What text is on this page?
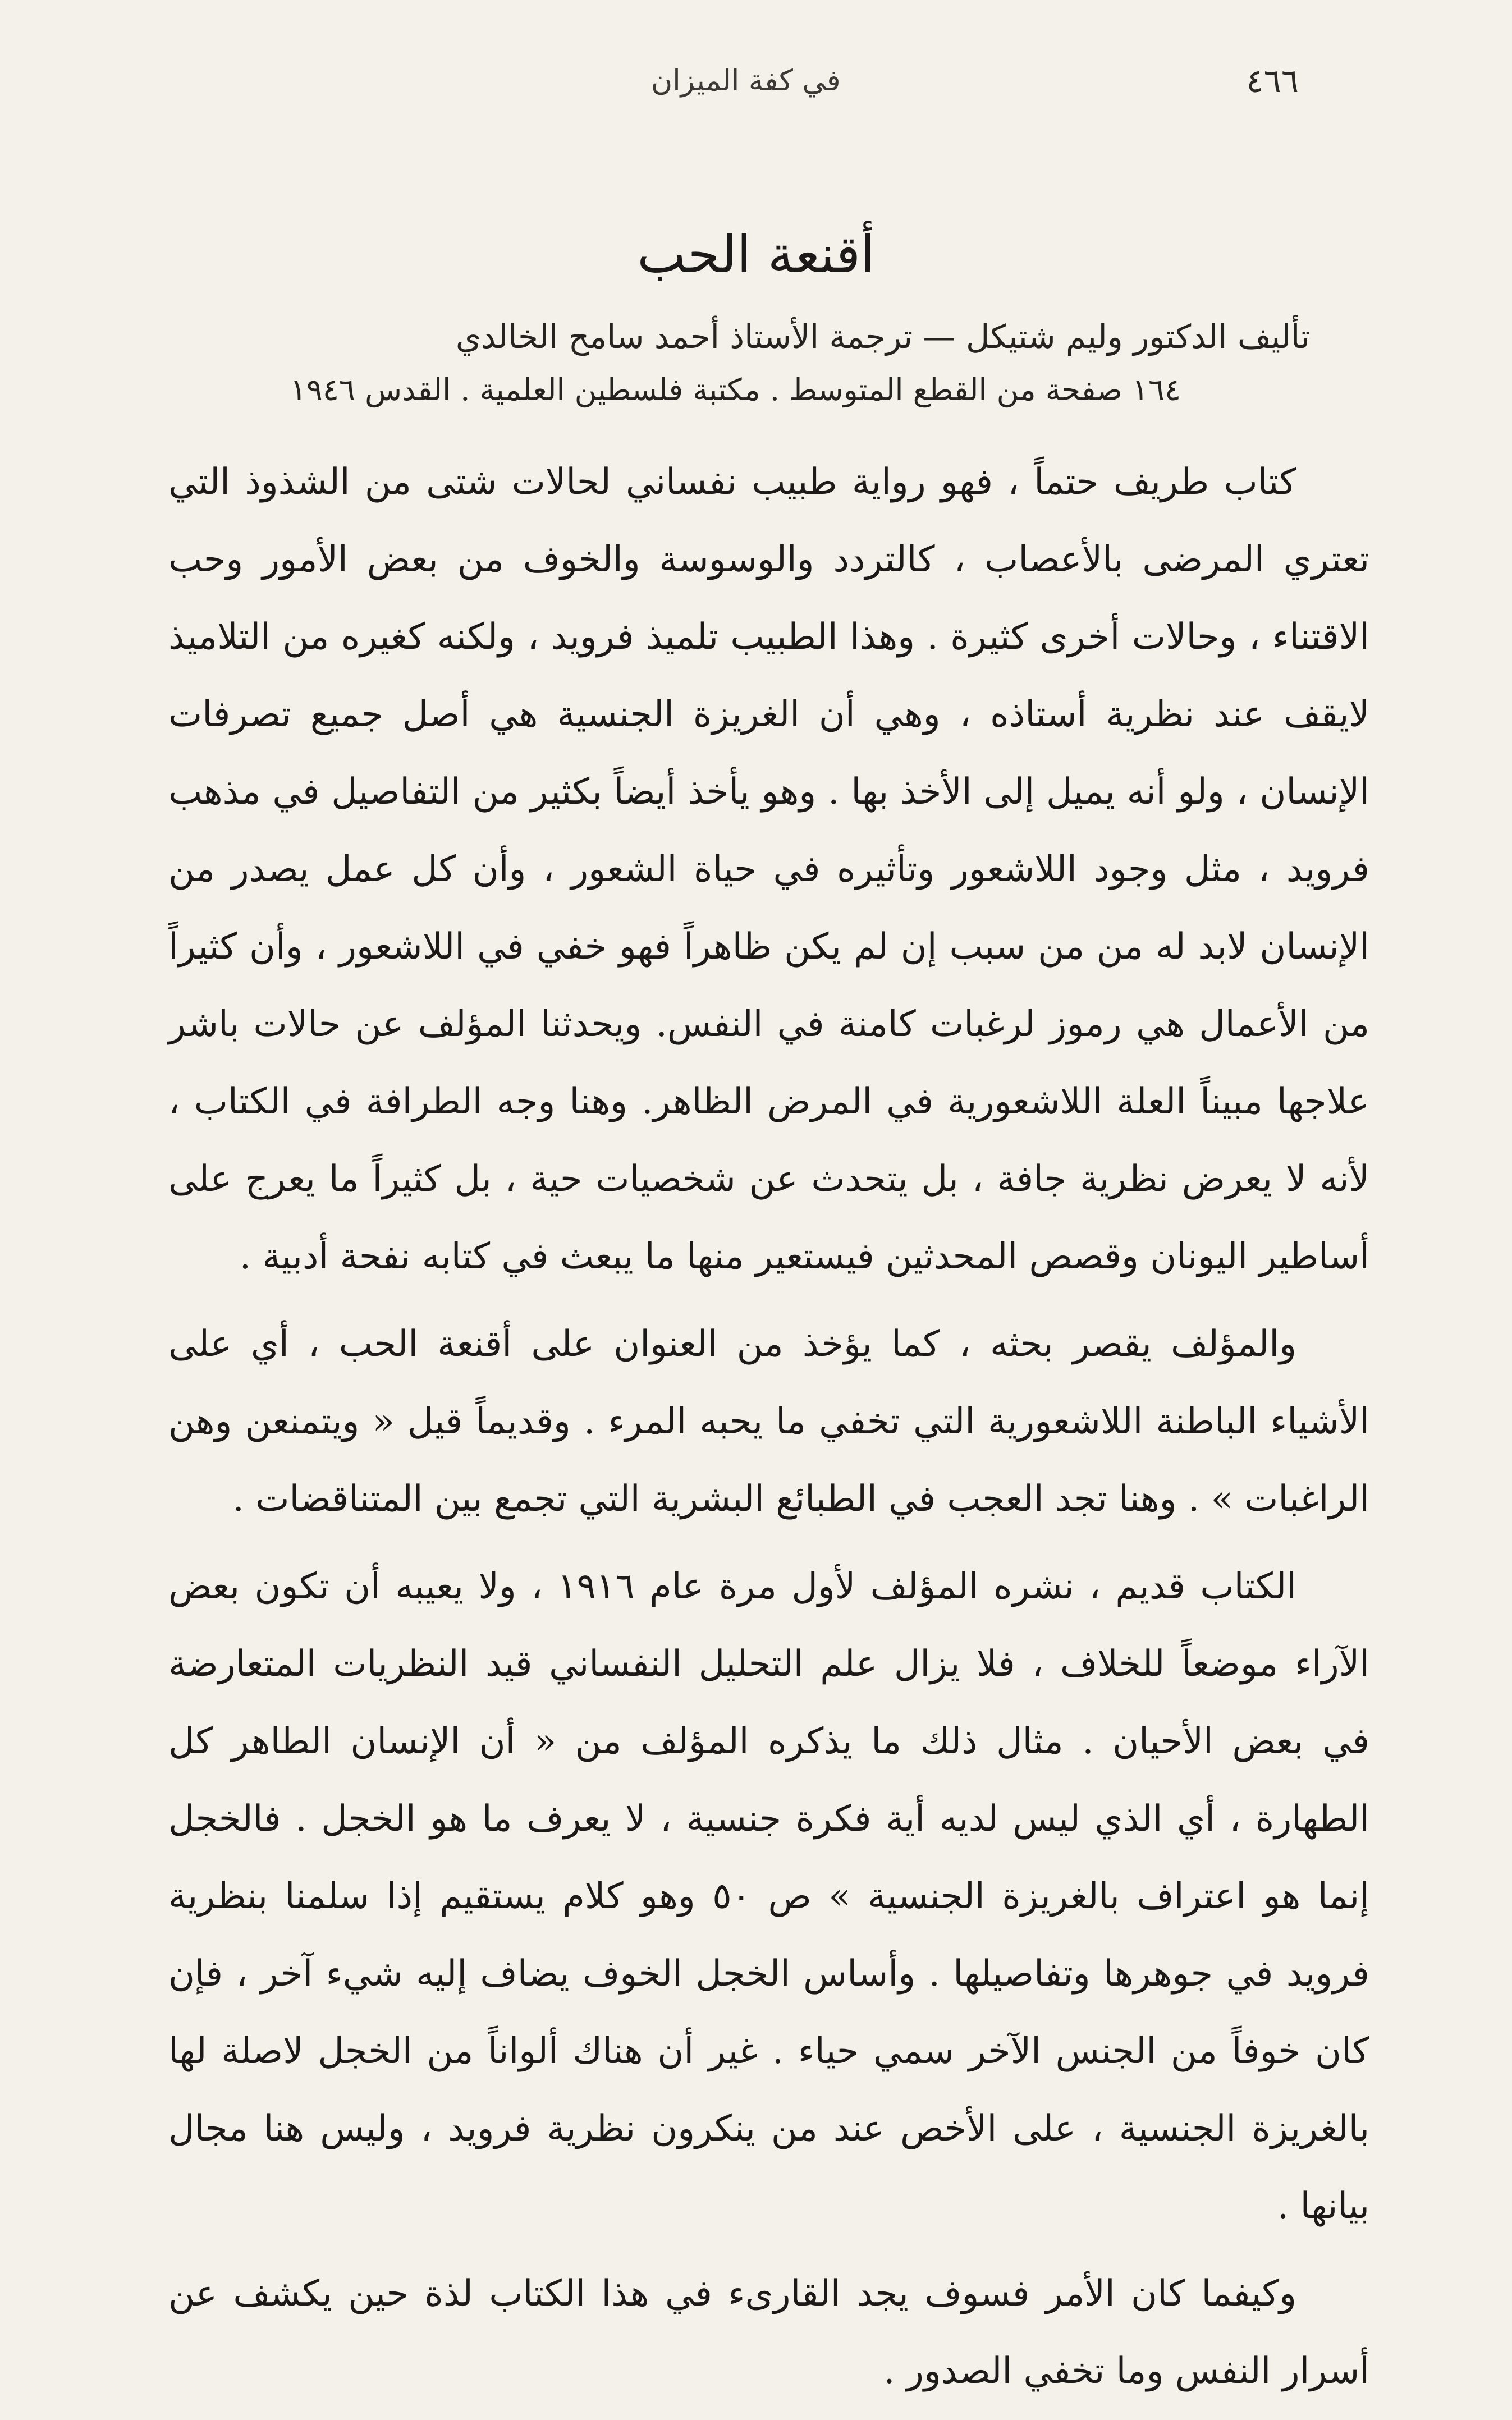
٤٦٦
في كفة الميزان
أقنعة الحب
تأليف الدكتور وليم شتيكل — ترجمة الأستاذ أحمد سامح الخالدي
١٦٤ صفحة من القطع المتوسط . مكتبة فلسطين العلمية . القدس ١٩٤٦

كتاب طريف حتماً ، فهو رواية طبيب نفساني لحالات شتى من الشذوذ التي تعتري المرضى بالأعصاب ، كالتردد والوسوسة والخوف من بعض الأمور وحب الاقتناء ، وحالات أخرى كثيرة . وهذا الطبيب تلميذ فرويد ، ولكنه كغيره من التلاميذ لايقف عند نظرية أستاذه ، وهي أن الغريزة الجنسية هي أصل جميع تصرفات الإنسان ، ولو أنه يميل إلى الأخذ بها . وهو يأخذ أيضاً بكثير من التفاصيل في مذهب فرويد ، مثل وجود اللاشعور وتأثيره في حياة الشعور ، وأن كل عمل يصدر من الإنسان لابد له من من سبب إن لم يكن ظاهراً فهو خفي في اللاشعور ، وأن كثيراً من الأعمال هي رموز لرغبات كامنة في النفس. ويحدثنا المؤلف عن حالات باشر علاجها مبيناً العلة اللاشعورية في المرض الظاهر. وهنا وجه الطرافة في الكتاب ، لأنه لا يعرض نظرية جافة ، بل يتحدث عن شخصيات حية ، بل كثيراً ما يعرج على أساطير اليونان وقصص المحدثين فيستعير منها ما يبعث في كتابه نفحة أدبية .

والمؤلف يقصر بحثه ، كما يؤخذ من العنوان على أقنعة الحب ، أي على الأشياء الباطنة اللاشعورية التي تخفي ما يحبه المرء . وقديماً قيل « ويتمنعن وهن الراغبات » . وهنا تجد العجب في الطبائع البشرية التي تجمع بين المتناقضات .

الكتاب قديم ، نشره المؤلف لأول مرة عام ١٩١٦ ، ولا يعيبه أن تكون بعض الآراء موضعاً للخلاف ، فلا يزال علم التحليل النفساني قيد النظريات المتعارضة في بعض الأحيان . مثال ذلك ما يذكره المؤلف من « أن الإنسان الطاهر كل الطهارة ، أي الذي ليس لديه أية فكرة جنسية ، لا يعرف ما هو الخجل . فالخجل إنما هو اعتراف بالغريزة الجنسية » ص ٥٠ وهو كلام يستقيم إذا سلمنا بنظرية فرويد في جوهرها وتفاصيلها . وأساس الخجل الخوف يضاف إليه شيء آخر ، فإن كان خوفاً من الجنس الآخر سمي حياء . غير أن هناك ألواناً من الخجل لاصلة لها بالغريزة الجنسية ، على الأخص عند من ينكرون نظرية فرويد ، وليس هنا مجال بيانها .

وكيفما كان الأمر فسوف يجد القارىء في هذا الكتاب لذة حين يكشف عن أسرار النفس وما تخفي الصدور .
